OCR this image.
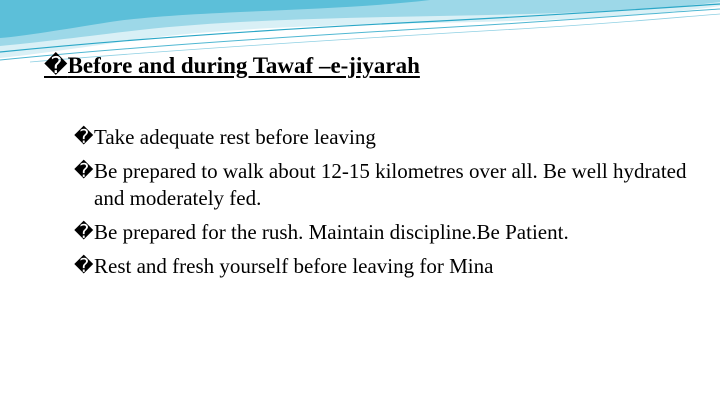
�Before and during Tawaf –e-jiyarah
� Take adequate rest before leaving
� Be prepared to walk about 12-15 kilometres over all. Be well hydrated and moderately fed.
� Be prepared for the rush. Maintain discipline.Be Patient.
� Rest and fresh yourself before leaving for Mina
